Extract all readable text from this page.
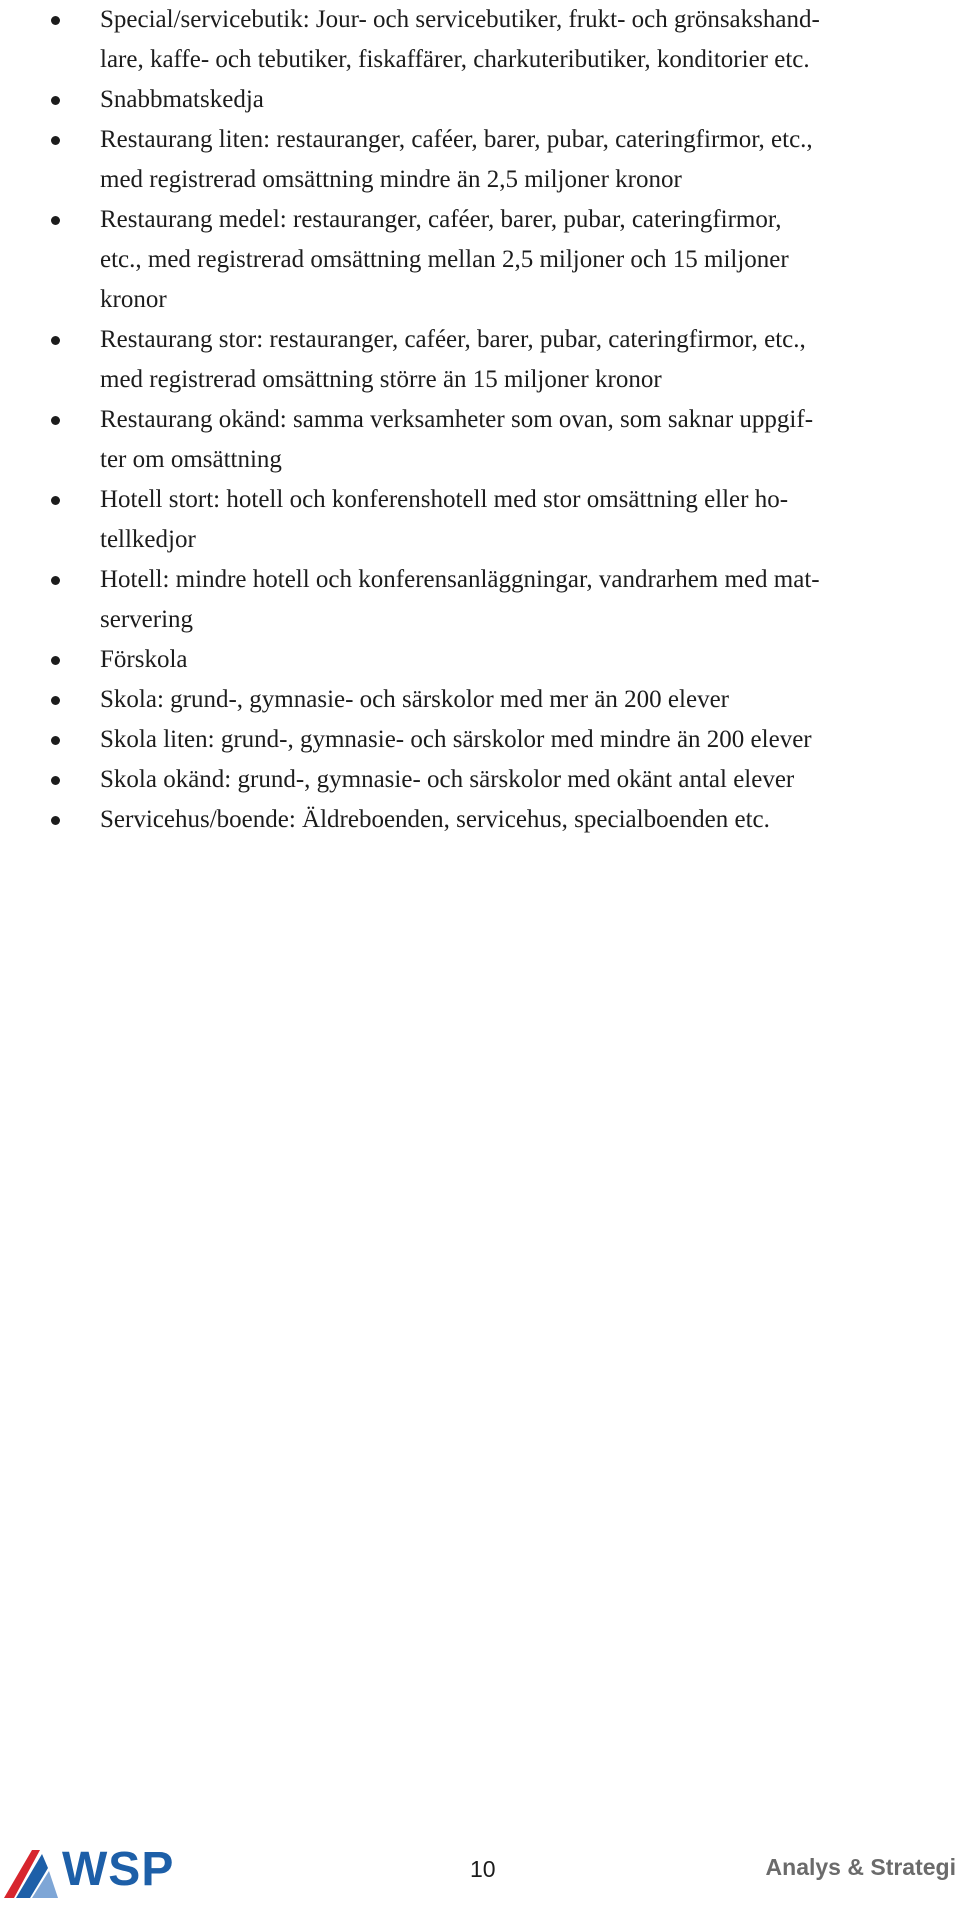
Special/servicebutik: Jour- och servicebutiker, frukt- och grönsakshand-
lare, kaffe- och tebutiker, fiskaffärer, charkuteributiker, konditorier etc.
Snabbmatskedja
Restaurang liten: restauranger, caféer, barer, pubar, cateringfirmor, etc.,
med registrerad omsättning mindre än 2,5 miljoner kronor
Restaurang medel: restauranger, caféer, barer, pubar, cateringfirmor,
etc., med registrerad omsättning mellan 2,5 miljoner och 15 miljoner
kronor
Restaurang stor: restauranger, caféer, barer, pubar, cateringfirmor, etc.,
med registrerad omsättning större än 15 miljoner kronor
Restaurang okänd: samma verksamheter som ovan, som saknar uppgif-
ter om omsättning
Hotell stort: hotell och konferenshotell med stor omsättning eller ho-
tellkedjor
Hotell: mindre hotell och konferensanläggningar, vandrarhem med mat-
servering
Förskola
Skola: grund-, gymnasie- och särskolor med mer än 200 elever
Skola liten: grund-, gymnasie- och särskolor med mindre än 200 elever
Skola okänd: grund-, gymnasie- och särskolor med okänt antal elever
Servicehus/boende: Äldreboenden, servicehus, specialboenden etc.
WSP	10	Analys & Strategi
